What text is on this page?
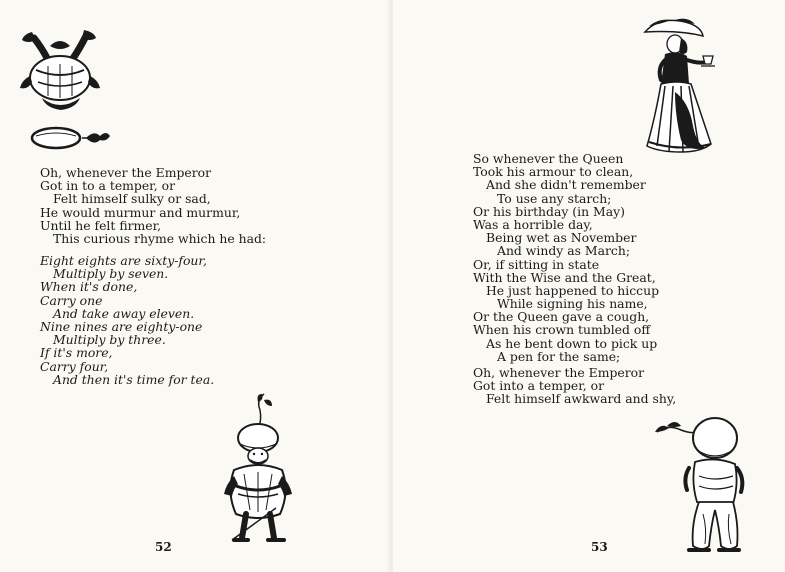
Oh, whenever the Emperor
Got in to a temper, or
Felt himself sulky or sad,
He would murmur and murmur,
Until he felt firmer,
This curious rhyme which he had:
Eight eights are sixty-four,
Multiply by seven.
When it's done,
Carry one
And take away eleven.
Nine nines are eighty-one
Multiply by three.
If it's more,
Carry four,
And then it's time for tea.
52
So whenever the Queen
Took his armour to clean,
And she didn't remember
To use any starch;
Or his birthday (in May)
Was a horrible day,
Being wet as November
And windy as March;
Or, if sitting in state
With the Wise and the Great,
He just happened to hiccup
While signing his name,
Or the Queen gave a cough,
When his crown tumbled off
As he bent down to pick up
A pen for the same;
Oh, whenever the Emperor
Got into a temper, or
Felt himself awkward and shy,
53
